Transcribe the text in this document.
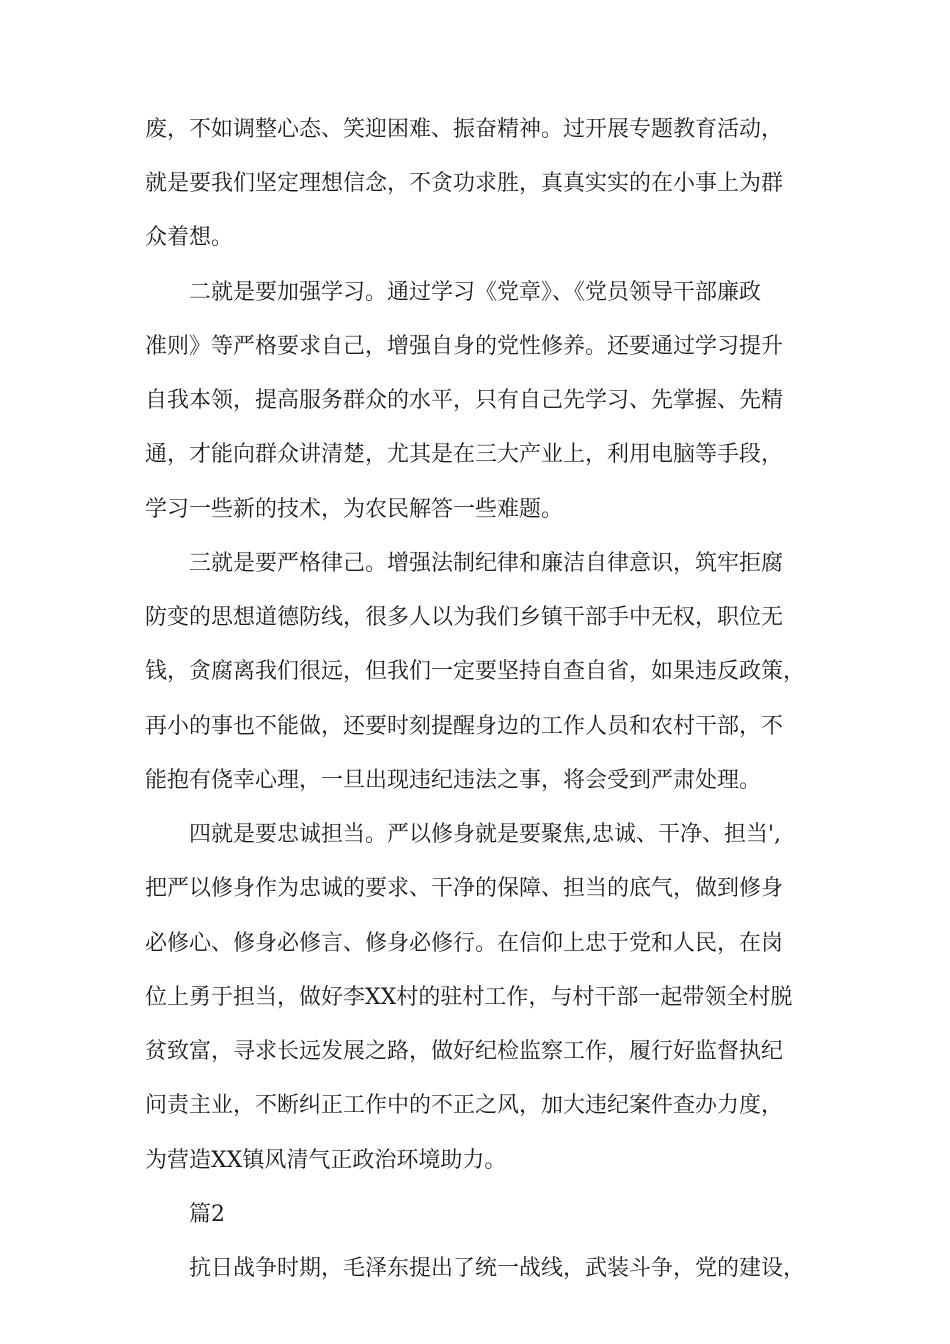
废，不如调整心态、笑迎困难、振奋精神。过开展专题教育活动，
就是要我们坚定理想信念，不贪功求胜，真真实实的在小事上为群
众着想。
二就是要加强学习。通过学习《党章》、《党员领导干部廉政
准则》等严格要求自己，增强自身的党性修养。还要通过学习提升
自我本领，提高服务群众的水平，只有自己先学习、先掌握、先精
通，才能向群众讲清楚，尤其是在三大产业上，利用电脑等手段，
学习一些新的技术，为农民解答一些难题。
三就是要严格律己。增强法制纪律和廉洁自律意识，筑牢拒腐
防变的思想道德防线，很多人以为我们乡镇干部手中无权，职位无
钱，贪腐离我们很远，但我们一定要坚持自查自省，如果违反政策，
再小的事也不能做，还要时刻提醒身边的工作人员和农村干部，不
能抱有侥幸心理，一旦出现违纪违法之事，将会受到严肃处理。
四就是要忠诚担当。严以修身就是要聚焦,忠诚、干净、担当',
把严以修身作为忠诚的要求、干净的保障、担当的底气，做到修身
必修心、修身必修言、修身必修行。在信仰上忠于党和人民，在岗
位上勇于担当，做好李XX村的驻村工作，与村干部一起带领全村脱
贫致富，寻求长远发展之路，做好纪检监察工作，履行好监督执纪
问责主业，不断纠正工作中的不正之风，加大违纪案件查办力度，
为营造XX镇风清气正政治环境助力。
篇2
抗日战争时期，毛泽东提出了统一战线，武装斗争，党的建设，
